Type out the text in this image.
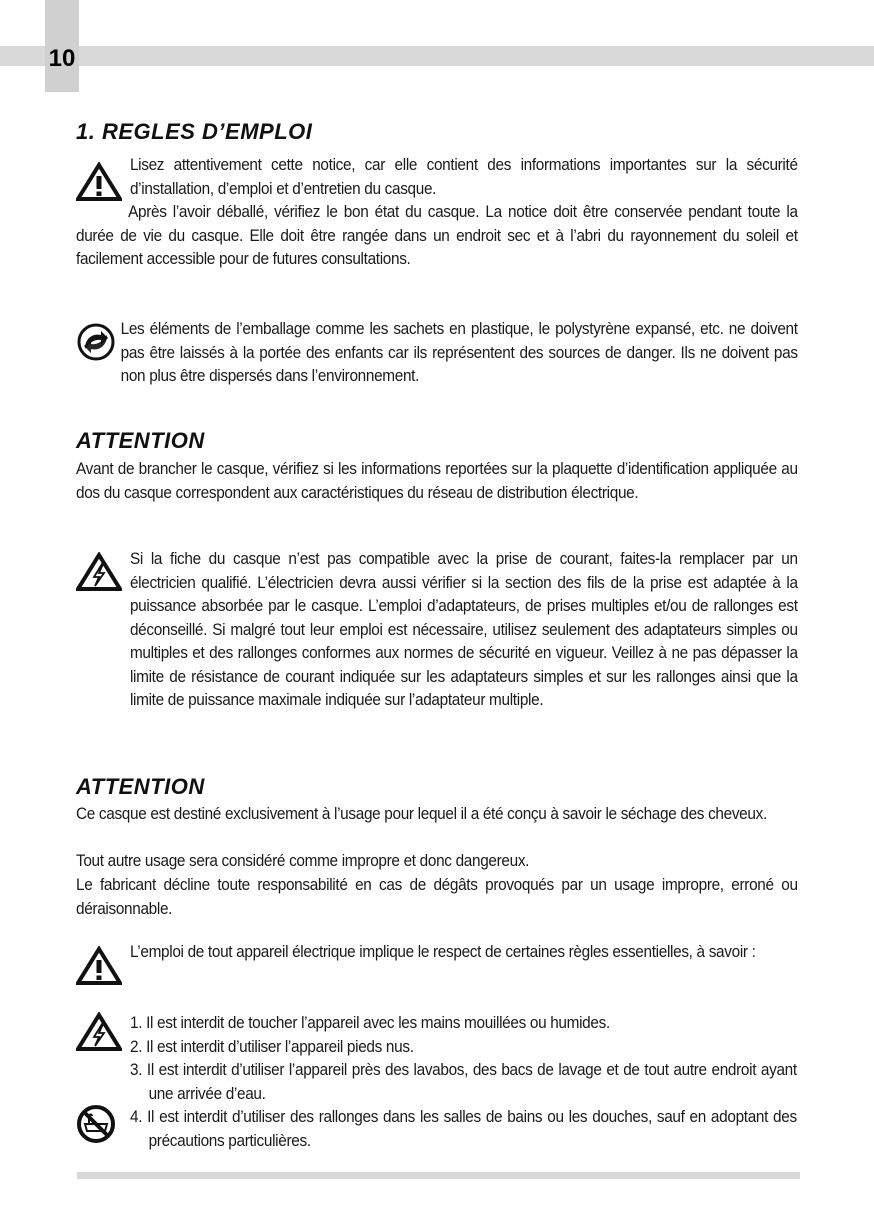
10
1. REGLES D’EMPLOI

Lisez attentivement cette notice, car elle contient des informations importantes sur la sécurité d’installation, d’emploi et d’entretien du casque.

Après l’avoir déballé, vérifiez le bon état du casque. La notice doit être conservée pendant toute la durée de vie du casque. Elle doit être rangée dans un endroit sec et à l’abri du rayonnement du soleil et facilement accessible pour de futures consultations.

Les éléments de l’emballage comme les sachets en plastique, le polystyrène expansé, etc. ne doivent pas être laissés à la portée des enfants car ils représentent des sources de danger. Ils ne doivent pas non plus être dispersés dans l’environnement.

ATTENTION

Avant de brancher le casque, vérifiez si les informations reportées sur la plaquette d’identification appliquée au dos du casque correspondent aux caractéristiques du réseau de distribution électrique.

Si la fiche du casque n’est pas compatible avec la prise de courant, faites-la remplacer par un électricien qualifié. L’électricien devra aussi vérifier si la section des fils de la prise est adaptée à la puissance absorbée par le casque. L’emploi d’adaptateurs, de prises multiples et/ou de rallonges est déconseillé. Si malgré tout leur emploi est nécessaire, utilisez seulement des adaptateurs simples ou multiples et des rallonges conformes aux normes de sécurité en vigueur. Veillez à ne pas dépasser la limite de résistance de courant indiquée sur les adaptateurs simples et sur les rallonges ainsi que la limite de puissance maximale indiquée sur l’adaptateur multiple.

ATTENTION

Ce casque est destiné exclusivement à l’usage pour lequel il a été conçu à savoir le séchage des cheveux.

Tout autre usage sera considéré comme impropre et donc dangereux.

Le fabricant décline toute responsabilité en cas de dégâts provoqués par un usage impropre, erroné ou déraisonnable.

L’emploi de tout appareil électrique implique le respect de certaines règles essentielles, à savoir :

1. Il est interdit de toucher l’appareil avec les mains mouillées ou humides.
2. Il est interdit d’utiliser l’appareil pieds nus.
3. Il est interdit d’utiliser l’appareil près des lavabos, des bacs de lavage et de tout autre endroit ayant une arrivée d’eau.
4. Il est interdit d’utiliser des rallonges dans les salles de bains ou les douches, sauf en adoptant des précautions particulières.
